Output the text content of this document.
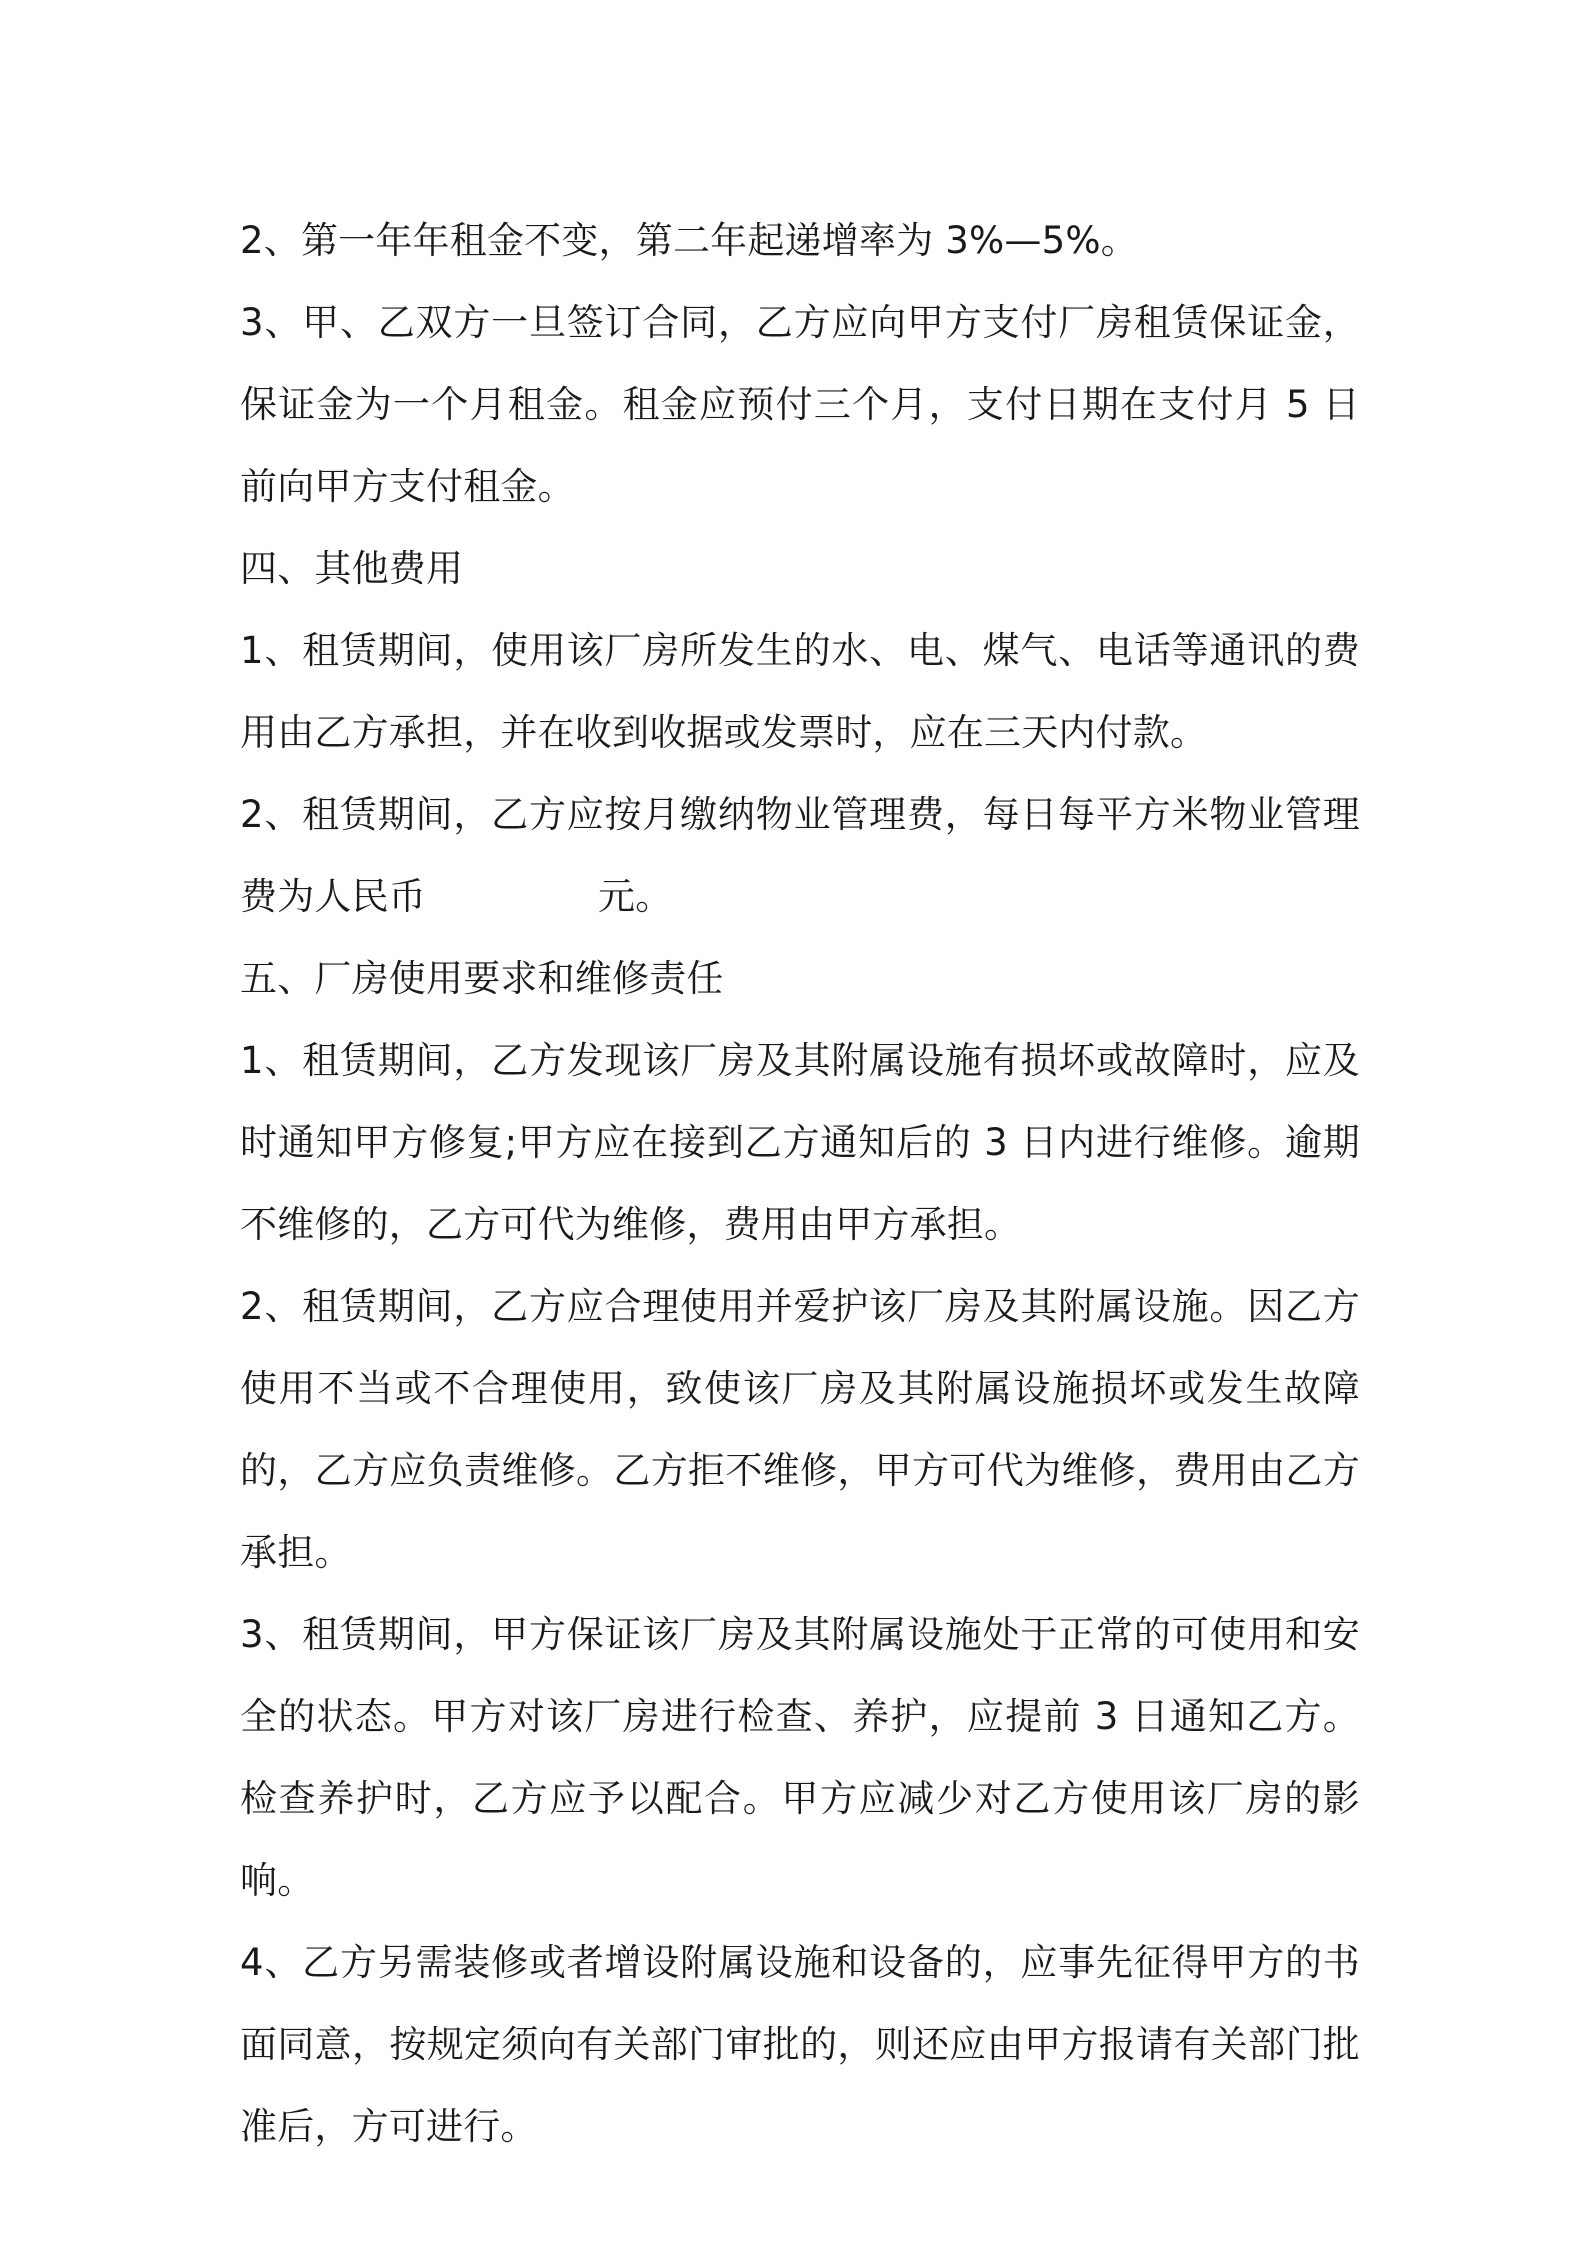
2、第一年年租金不变，第二年起递增率为 3%—5%。

3、甲、乙双方一旦签订合同，乙方应向甲方支付厂房租赁保证金，保证金为一个月租金。租金应预付三个月，支付日期在支付月 5 日前向甲方支付租金。

四、其他费用

1、租赁期间，使用该厂房所发生的水、电、煤气、电话等通讯的费用由乙方承担，并在收到收据或发票时，应在三天内付款。

2、租赁期间，乙方应按月缴纳物业管理费，每日每平方米物业管理费为人民币	元。

五、厂房使用要求和维修责任

1、租赁期间，乙方发现该厂房及其附属设施有损坏或故障时，应及时通知甲方修复;甲方应在接到乙方通知后的 3 日内进行维修。逾期不维修的，乙方可代为维修，费用由甲方承担。

2、租赁期间，乙方应合理使用并爱护该厂房及其附属设施。因乙方使用不当或不合理使用，致使该厂房及其附属设施损坏或发生故障的，乙方应负责维修。乙方拒不维修，甲方可代为维修，费用由乙方承担。

3、租赁期间，甲方保证该厂房及其附属设施处于正常的可使用和安全的状态。甲方对该厂房进行检查、养护，应提前 3 日通知乙方。检查养护时，乙方应予以配合。甲方应减少对乙方使用该厂房的影响。

4、乙方另需装修或者增设附属设施和设备的，应事先征得甲方的书面同意，按规定须向有关部门审批的，则还应由甲方报请有关部门批准后，方可进行。
